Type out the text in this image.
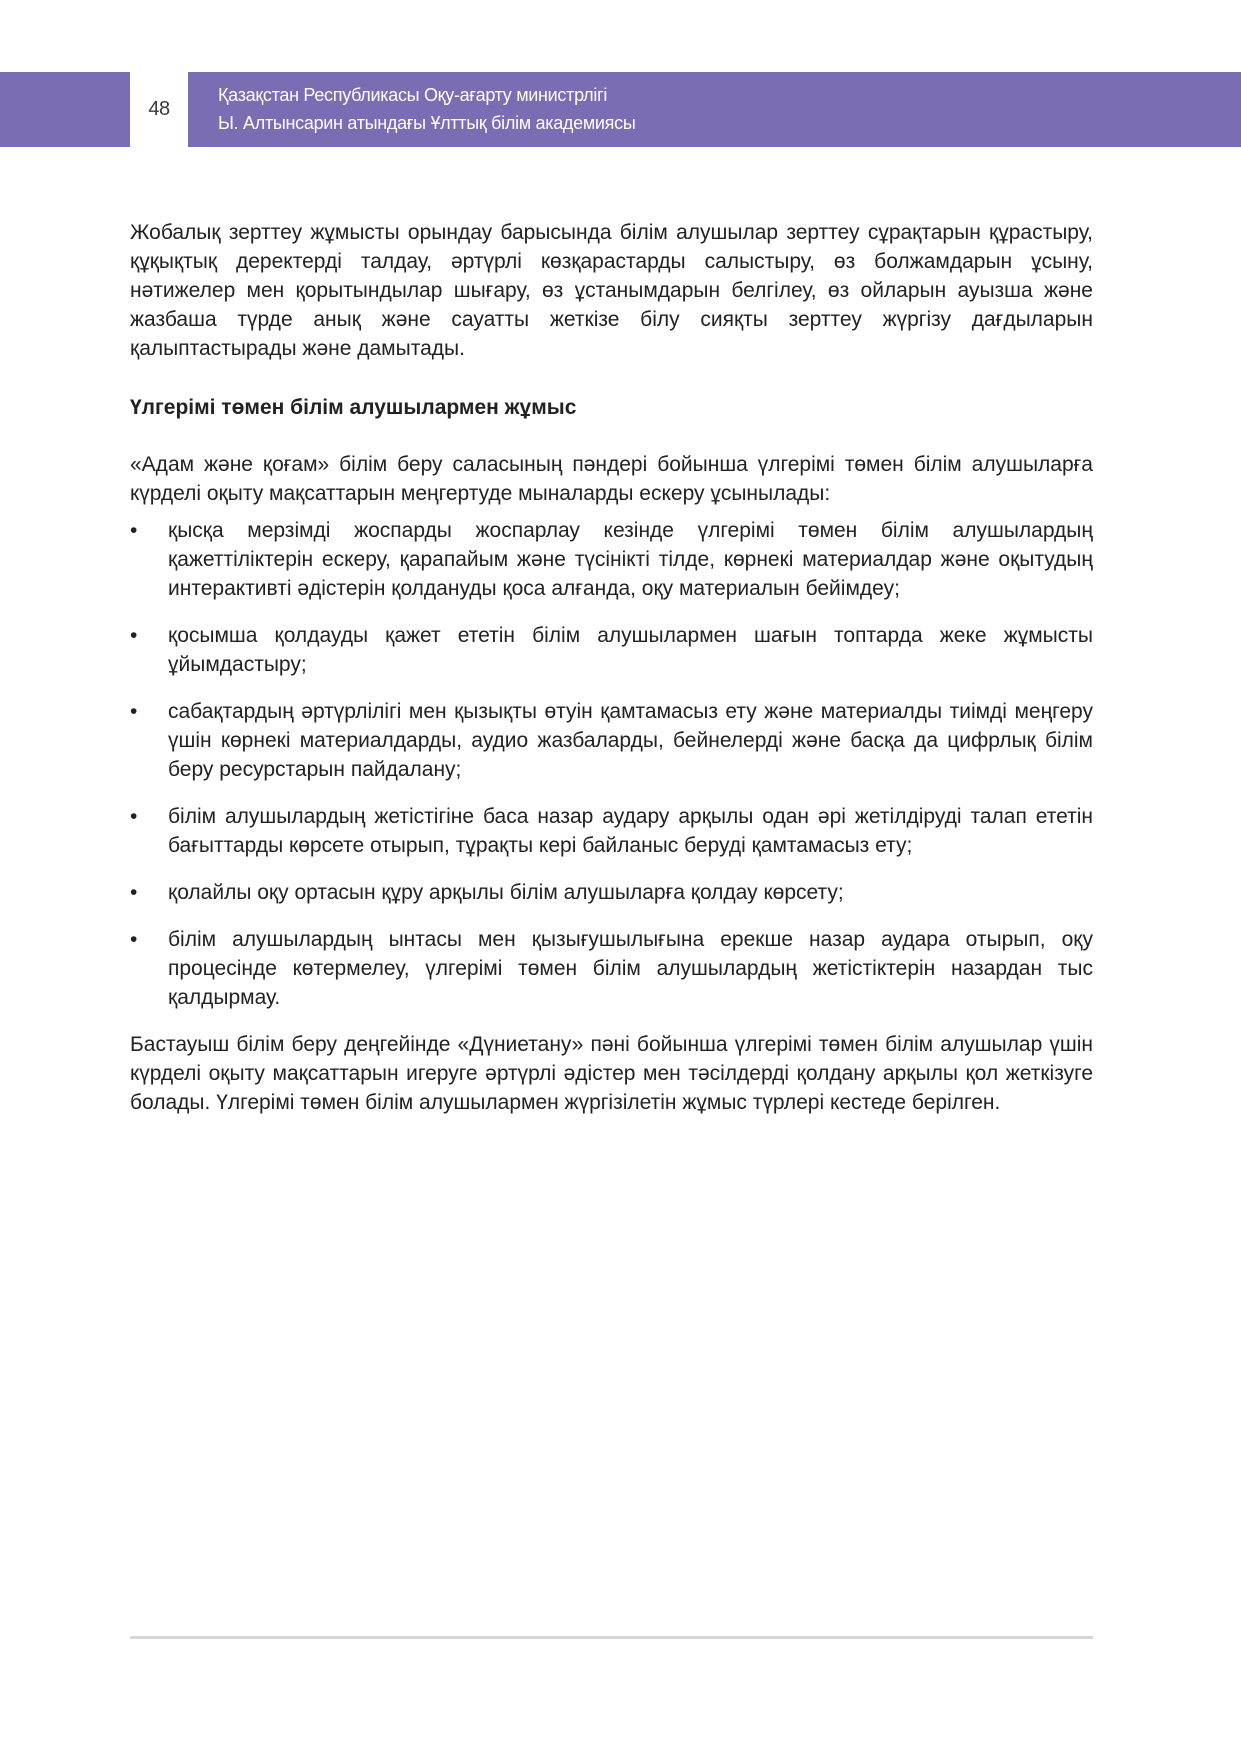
48
Қазақстан Республикасы Оқу-ағарту министрлігі
Ы. Алтынсарин атындағы Ұлттық білім академиясы

Жобалық зерттеу жұмысты орындау барысында білім алушылар зерттеу сұрақтарын құрастыру, құқықтық деректерді талдау, әртүрлі көзқарастарды салыстыру, өз болжамдарын ұсыну, нәтижелер мен қорытындылар шығару, өз ұстанымдарын белгілеу, өз ойларын ауызша және жазбаша түрде анық және сауатты жеткізе білу сияқты зерттеу жүргізу дағдыларын қалыптастырады және дамытады.

Үлгерімі төмен білім алушылармен жұмыс

«Адам және қоғам» білім беру саласының пәндері бойынша үлгерімі төмен білім алушыларға күрделі оқыту мақсаттарын меңгертуде мыналарды ескеру ұсынылады:

•	қысқа мерзімді жоспарды жоспарлау кезінде үлгерімі төмен білім алушылардың қажеттіліктерін ескеру, қарапайым және түсінікті тілде, көрнекі материалдар және оқытудың интерактивті әдістерін қолдануды қоса алғанда, оқу материалын бейімдеу;
•	қосымша қолдауды қажет ететін білім алушылармен шағын топтарда жеке жұмысты ұйымдастыру;
•	сабақтардың әртүрлілігі мен қызықты өтуін қамтамасыз ету және материалды тиімді меңгеру үшін көрнекі материалдарды, аудио жазбаларды, бейнелерді және басқа да цифрлық білім беру ресурстарын пайдалану;
•	білім алушылардың жетістігіне баса назар аудару арқылы одан әрі жетілдіруді талап ететін бағыттарды көрсете отырып, тұрақты кері байланыс беруді қамтамасыз ету;
•	қолайлы оқу ортасын құру арқылы білім алушыларға қолдау көрсету;
•	білім алушылардың ынтасы мен қызығушылығына ерекше назар аудара отырып, оқу процесінде көтермелеу, үлгерімі төмен білім алушылардың жетістіктерін назардан тыс қалдырмау.

Бастауыш білім беру деңгейінде «Дүниетану» пәні бойынша үлгерімі төмен білім алушылар үшін күрделі оқыту мақсаттарын игеруге әртүрлі әдістер мен тәсілдерді қолдану арқылы қол жеткізуге болады. Үлгерімі төмен білім алушылармен жүргізілетін жұмыс түрлері кестеде берілген.
